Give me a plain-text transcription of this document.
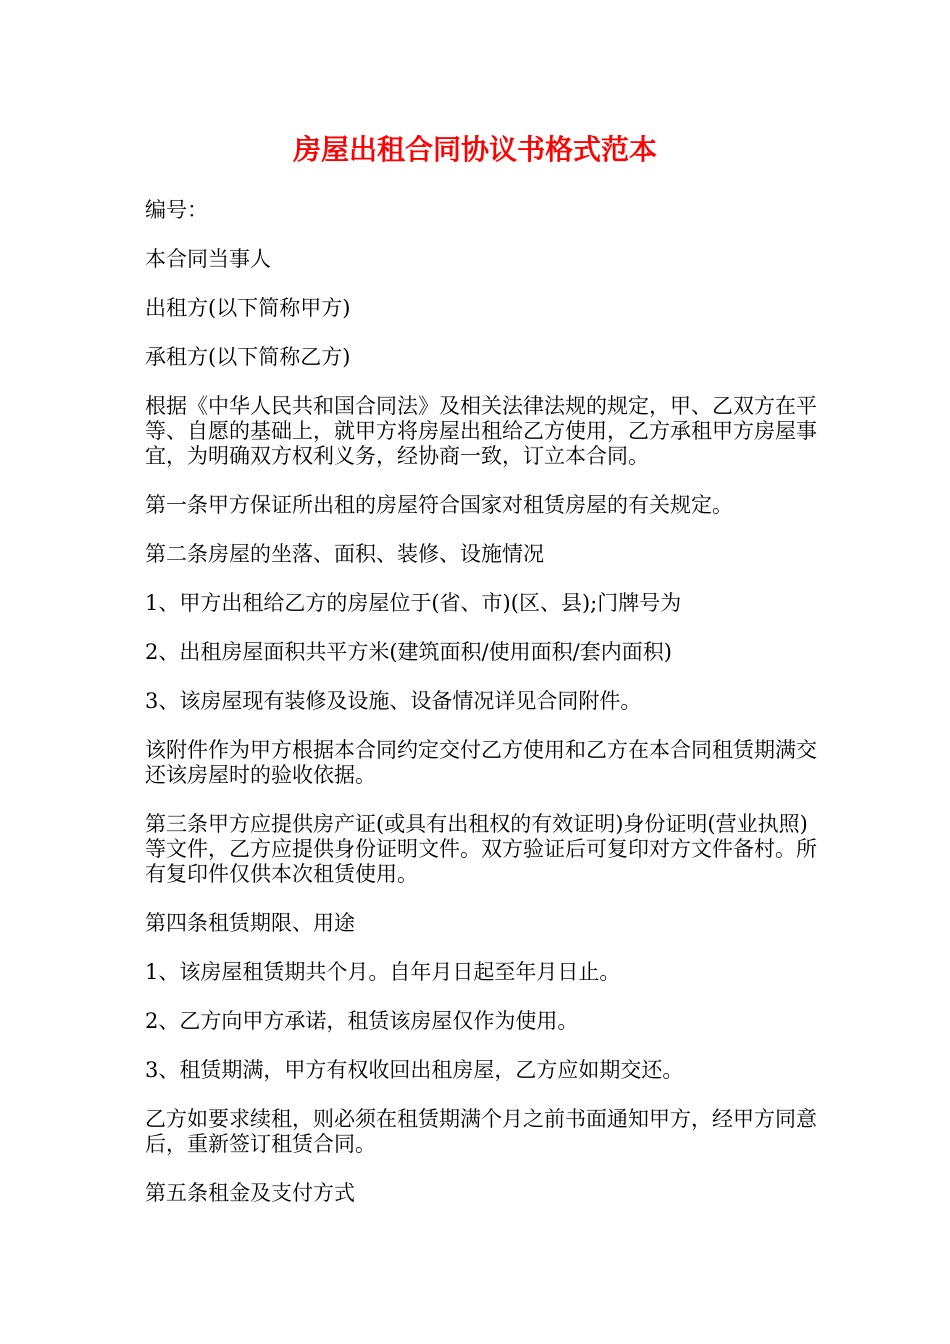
房屋出租合同协议书格式范本

编号：

本合同当事人

出租方(以下简称甲方)

承租方(以下简称乙方)

根据《中华人民共和国合同法》及相关法律法规的规定，甲、乙双方在平等、自愿的基础上，就甲方将房屋出租给乙方使用，乙方承租甲方房屋事宜，为明确双方权利义务，经协商一致，订立本合同。

第一条甲方保证所出租的房屋符合国家对租赁房屋的有关规定。

第二条房屋的坐落、面积、装修、设施情况

1、甲方出租给乙方的房屋位于(省、市)(区、县);门牌号为

2、出租房屋面积共平方米(建筑面积/使用面积/套内面积)

3、该房屋现有装修及设施、设备情况详见合同附件。

该附件作为甲方根据本合同约定交付乙方使用和乙方在本合同租赁期满交还该房屋时的验收依据。

第三条甲方应提供房产证(或具有出租权的有效证明)身份证明(营业执照)等文件，乙方应提供身份证明文件。双方验证后可复印对方文件备村。所有复印件仅供本次租赁使用。

第四条租赁期限、用途

1、该房屋租赁期共个月。自年月日起至年月日止。

2、乙方向甲方承诺，租赁该房屋仅作为使用。

3、租赁期满，甲方有权收回出租房屋，乙方应如期交还。

乙方如要求续租，则必须在租赁期满个月之前书面通知甲方，经甲方同意后，重新签订租赁合同。

第五条租金及支付方式
